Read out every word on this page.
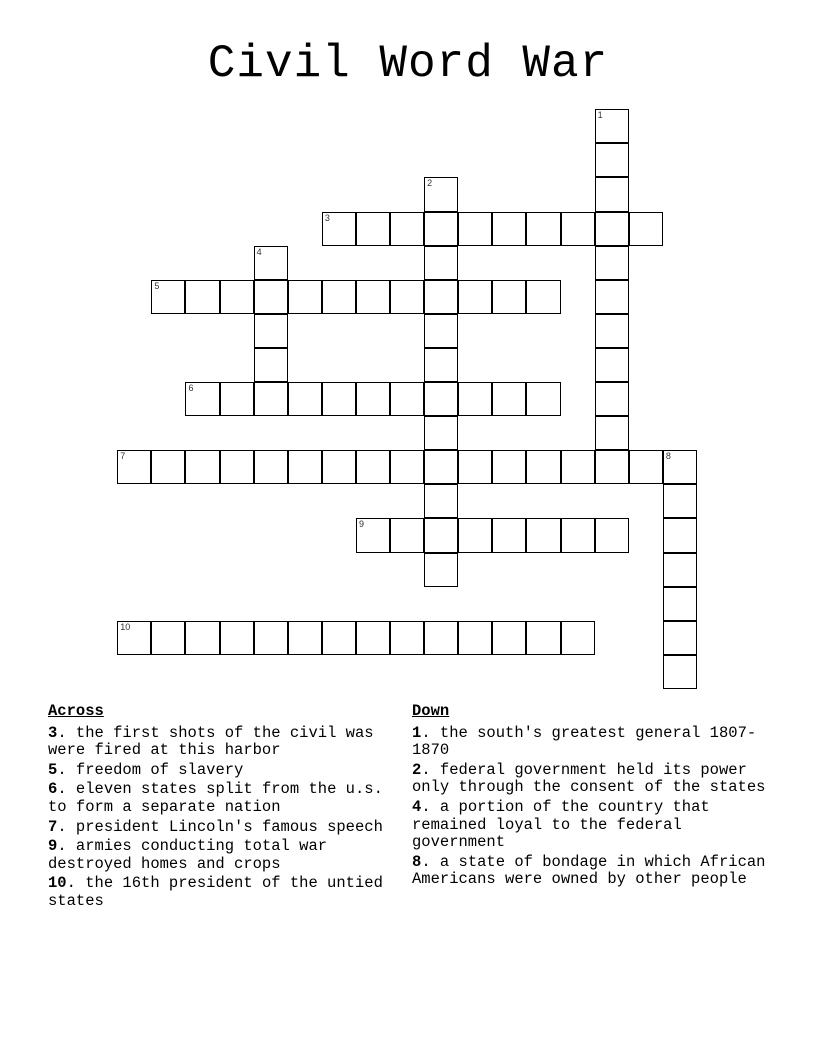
Civil Word War
1
2
3
4
5
6
7	8
9
10
Across
3. the first shots of the civil was were fired at this harbor
5. freedom of slavery
6. eleven states split from the u.s. to form a separate nation
7. president Lincoln's famous speech
9. armies conducting total war destroyed homes and crops
10. the 16th president of the untied states
Down
1. the south's greatest general 1807-1870
2. federal government held its power only through the consent of the states
4. a portion of the country that remained loyal to the federal government
8. a state of bondage in which African Americans were owned by other people
